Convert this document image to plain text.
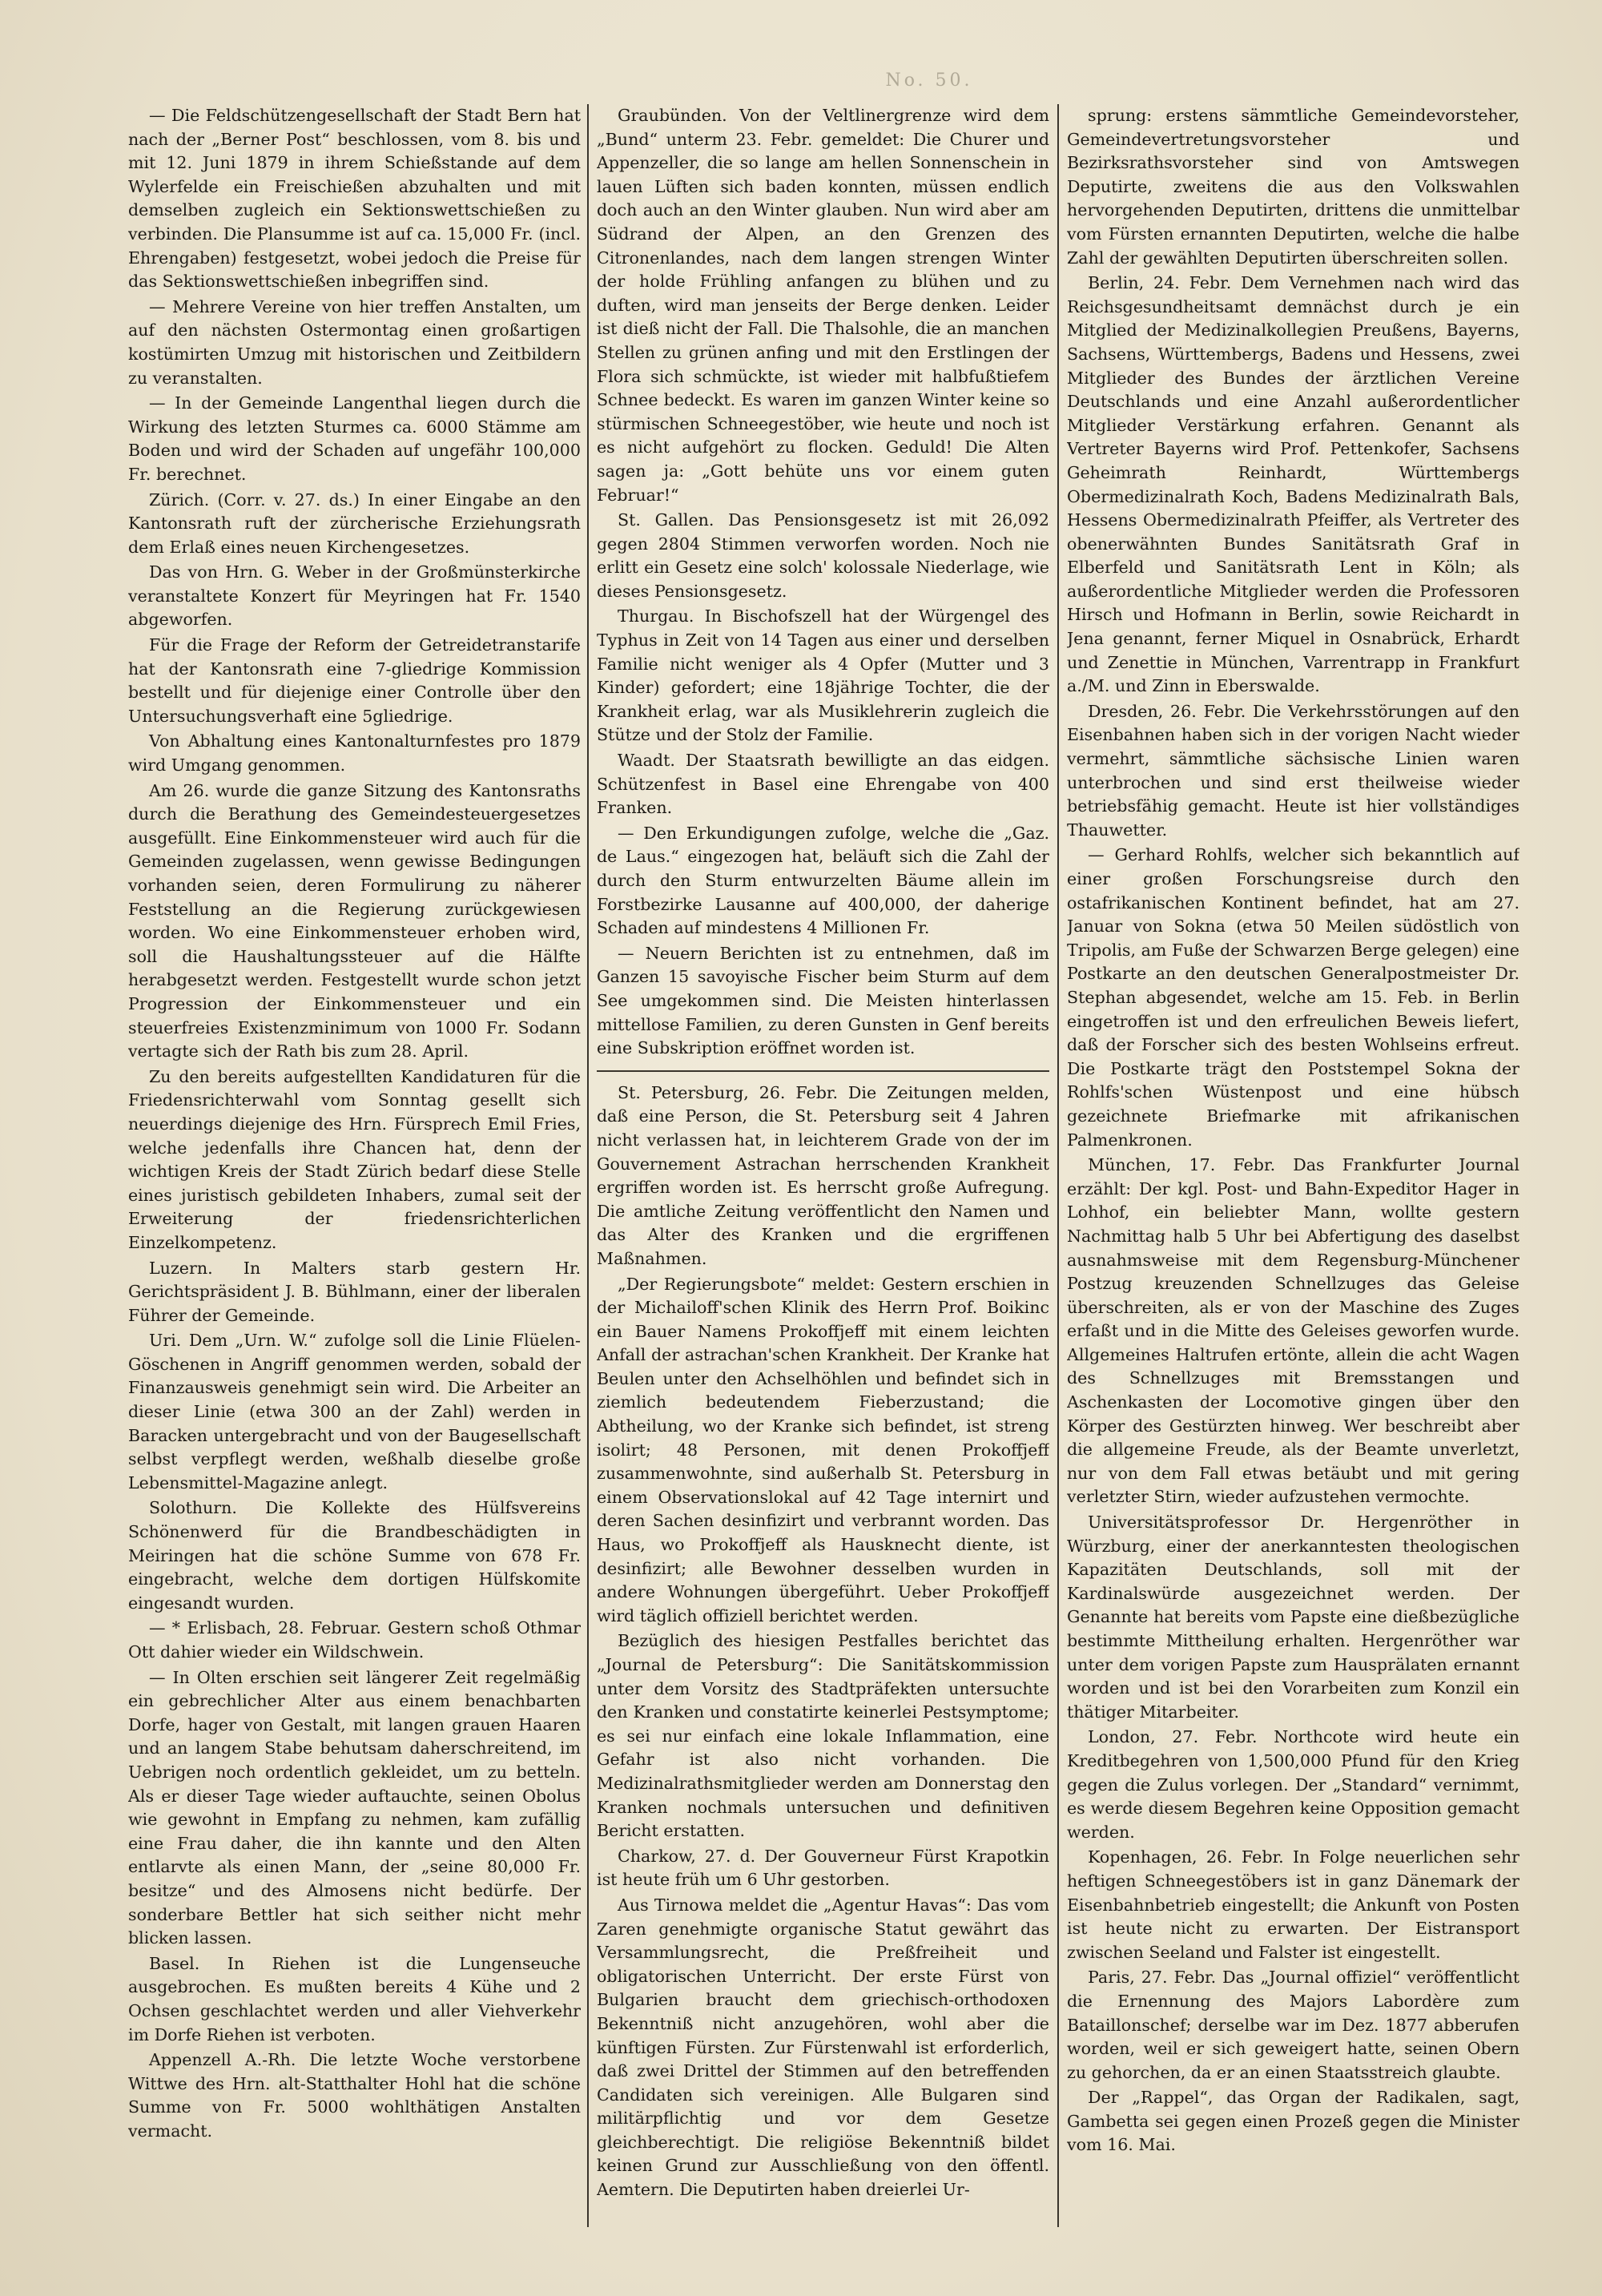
No. 50.

— Die Feldschützengesellschaft der Stadt Bern hat nach der „Berner Post“ beschlossen, vom 8. bis und mit 12. Juni 1879 in ihrem Schießstande auf dem Wylerfelde ein Freischießen abzuhalten und mit demselben zugleich ein Sektionswettschießen zu verbinden. Die Plansumme ist auf ca. 15,000 Fr. (incl. Ehrengaben) festgesetzt, wobei jedoch die Preise für das Sektionswettschießen inbegriffen sind.

— Mehrere Vereine von hier treffen Anstalten, um auf den nächsten Ostermontag einen großartigen kostümirten Umzug mit historischen und Zeitbildern zu veranstalten.

— In der Gemeinde Langenthal liegen durch die Wirkung des letzten Sturmes ca. 6000 Stämme am Boden und wird der Schaden auf ungefähr 100,000 Fr. berechnet.

Zürich. (Corr. v. 27. ds.) In einer Eingabe an den Kantonsrath ruft der zürcherische Erziehungsrath dem Erlaß eines neuen Kirchengesetzes.

Das von Hrn. G. Weber in der Großmünsterkirche veranstaltete Konzert für Meyringen hat Fr. 1540 abgeworfen.

Für die Frage der Reform der Getreidetranstarife hat der Kantonsrath eine 7-gliedrige Kommission bestellt und für diejenige einer Controlle über den Untersuchungsverhaft eine 5gliedrige.

Von Abhaltung eines Kantonalturnfestes pro 1879 wird Umgang genommen.

Am 26. wurde die ganze Sitzung des Kantonsraths durch die Berathung des Gemeindesteuergesetzes ausgefüllt. Eine Einkommensteuer wird auch für die Gemeinden zugelassen, wenn gewisse Bedingungen vorhanden seien, deren Formulirung zu näherer Feststellung an die Regierung zurückgewiesen worden. Wo eine Einkommensteuer erhoben wird, soll die Haushaltungssteuer auf die Hälfte herabgesetzt werden. Festgestellt wurde schon jetzt Progression der Einkommensteuer und ein steuerfreies Existenzminimum von 1000 Fr. Sodann vertagte sich der Rath bis zum 28. April.

Zu den bereits aufgestellten Kandidaturen für die Friedensrichterwahl vom Sonntag gesellt sich neuerdings diejenige des Hrn. Fürsprech Emil Fries, welche jedenfalls ihre Chancen hat, denn der wichtigen Kreis der Stadt Zürich bedarf diese Stelle eines juristisch gebildeten Inhabers, zumal seit der Erweiterung der friedensrichterlichen Einzelkompetenz.

Luzern. In Malters starb gestern Hr. Gerichtspräsident J. B. Bühlmann, einer der liberalen Führer der Gemeinde.

Uri. Dem „Urn. W.“ zufolge soll die Linie Flüelen-Göschenen in Angriff genommen werden, sobald der Finanzausweis genehmigt sein wird. Die Arbeiter an dieser Linie (etwa 300 an der Zahl) werden in Baracken untergebracht und von der Baugesellschaft selbst verpflegt werden, weßhalb dieselbe große Lebensmittel-Magazine anlegt.

Solothurn. Die Kollekte des Hülfsvereins Schönenwerd für die Brandbeschädigten in Meiringen hat die schöne Summe von 678 Fr. eingebracht, welche dem dortigen Hülfskomite eingesandt wurden.

— * Erlisbach, 28. Februar. Gestern schoß Othmar Ott dahier wieder ein Wildschwein.

— In Olten erschien seit längerer Zeit regelmäßig ein gebrechlicher Alter aus einem benachbarten Dorfe, hager von Gestalt, mit langen grauen Haaren und an langem Stabe behutsam daherschreitend, im Uebrigen noch ordentlich gekleidet, um zu betteln. Als er dieser Tage wieder auftauchte, seinen Obolus wie gewohnt in Empfang zu nehmen, kam zufällig eine Frau daher, die ihn kannte und den Alten entlarvte als einen Mann, der „seine 80,000 Fr. besitze“ und des Almosens nicht bedürfe. Der sonderbare Bettler hat sich seither nicht mehr blicken lassen.

Basel. In Riehen ist die Lungenseuche ausgebrochen. Es mußten bereits 4 Kühe und 2 Ochsen geschlachtet werden und aller Viehverkehr im Dorfe Riehen ist verboten.

Appenzell A.-Rh. Die letzte Woche verstorbene Wittwe des Hrn. alt-Statthalter Hohl hat die schöne Summe von Fr. 5000 wohlthätigen Anstalten vermacht.

Graubünden. Von der Veltlinergrenze wird dem „Bund“ unterm 23. Febr. gemeldet: Die Churer und Appenzeller, die so lange am hellen Sonnenschein in lauen Lüften sich baden konnten, müssen endlich doch auch an den Winter glauben. Nun wird aber am Südrand der Alpen, an den Grenzen des Citronenlandes, nach dem langen strengen Winter der holde Frühling anfangen zu blühen und zu duften, wird man jenseits der Berge denken. Leider ist dieß nicht der Fall. Die Thalsohle, die an manchen Stellen zu grünen anfing und mit den Erstlingen der Flora sich schmückte, ist wieder mit halbfußtiefem Schnee bedeckt. Es waren im ganzen Winter keine so stürmischen Schneegestöber, wie heute und noch ist es nicht aufgehört zu flocken. Geduld! Die Alten sagen ja: „Gott behüte uns vor einem guten Februar!“

St. Gallen. Das Pensionsgesetz ist mit 26,092 gegen 2804 Stimmen verworfen worden. Noch nie erlitt ein Gesetz eine solch' kolossale Niederlage, wie dieses Pensionsgesetz.

Thurgau. In Bischofszell hat der Würgengel des Typhus in Zeit von 14 Tagen aus einer und derselben Familie nicht weniger als 4 Opfer (Mutter und 3 Kinder) gefordert; eine 18jährige Tochter, die der Krankheit erlag, war als Musiklehrerin zugleich die Stütze und der Stolz der Familie.

Waadt. Der Staatsrath bewilligte an das eidgen. Schützenfest in Basel eine Ehrengabe von 400 Franken.

— Den Erkundigungen zufolge, welche die „Gaz. de Laus.“ eingezogen hat, beläuft sich die Zahl der durch den Sturm entwurzelten Bäume allein im Forstbezirke Lausanne auf 400,000, der daherige Schaden auf mindestens 4 Millionen Fr.

— Neuern Berichten ist zu entnehmen, daß im Ganzen 15 savoyische Fischer beim Sturm auf dem See umgekommen sind. Die Meisten hinterlassen mittellose Familien, zu deren Gunsten in Genf bereits eine Subskription eröffnet worden ist.

St. Petersburg, 26. Febr. Die Zeitungen melden, daß eine Person, die St. Petersburg seit 4 Jahren nicht verlassen hat, in leichterem Grade von der im Gouvernement Astrachan herrschenden Krankheit ergriffen worden ist. Es herrscht große Aufregung. Die amtliche Zeitung veröffentlicht den Namen und das Alter des Kranken und die ergriffenen Maßnahmen.

„Der Regierungsbote“ meldet: Gestern erschien in der Michailoff'schen Klinik des Herrn Prof. Boikinc ein Bauer Namens Prokoffjeff mit einem leichten Anfall der astrachan'schen Krankheit. Der Kranke hat Beulen unter den Achselhöhlen und befindet sich in ziemlich bedeutendem Fieberzustand; die Abtheilung, wo der Kranke sich befindet, ist streng isolirt; 48 Personen, mit denen Prokoffjeff zusammenwohnte, sind außerhalb St. Petersburg in einem Observationslokal auf 42 Tage internirt und deren Sachen desinfizirt und verbrannt worden. Das Haus, wo Prokoffjeff als Hausknecht diente, ist desinfizirt; alle Bewohner desselben wurden in andere Wohnungen übergeführt. Ueber Prokoffjeff wird täglich offiziell berichtet werden.

Bezüglich des hiesigen Pestfalles berichtet das „Journal de Petersburg“: Die Sanitätskommission unter dem Vorsitz des Stadtpräfekten untersuchte den Kranken und constatirte keinerlei Pestsymptome; es sei nur einfach eine lokale Inflammation, eine Gefahr ist also nicht vorhanden. Die Medizinalrathsmitglieder werden am Donnerstag den Kranken nochmals untersuchen und definitiven Bericht erstatten.

Charkow, 27. d. Der Gouverneur Fürst Krapotkin ist heute früh um 6 Uhr gestorben.

Aus Tirnowa meldet die „Agentur Havas“: Das vom Zaren genehmigte organische Statut gewährt das Versammlungsrecht, die Preßfreiheit und obligatorischen Unterricht. Der erste Fürst von Bulgarien braucht dem griechisch-orthodoxen Bekenntniß nicht anzugehören, wohl aber die künftigen Fürsten. Zur Fürstenwahl ist erforderlich, daß zwei Drittel der Stimmen auf den betreffenden Candidaten sich vereinigen. Alle Bulgaren sind militärpflichtig und vor dem Gesetze gleichberechtigt. Die religiöse Bekenntniß bildet keinen Grund zur Ausschließung von den öffentl. Aemtern. Die Deputirten haben dreierlei Ur-

sprung: erstens sämmtliche Gemeindevorsteher, Gemeindevertretungsvorsteher und Bezirksrathsvorsteher sind von Amtswegen Deputirte, zweitens die aus den Volkswahlen hervorgehenden Deputirten, drittens die unmittelbar vom Fürsten ernannten Deputirten, welche die halbe Zahl der gewählten Deputirten überschreiten sollen.

Berlin, 24. Febr. Dem Vernehmen nach wird das Reichsgesundheitsamt demnächst durch je ein Mitglied der Medizinalkollegien Preußens, Bayerns, Sachsens, Württembergs, Badens und Hessens, zwei Mitglieder des Bundes der ärztlichen Vereine Deutschlands und eine Anzahl außerordentlicher Mitglieder Verstärkung erfahren. Genannt als Vertreter Bayerns wird Prof. Pettenkofer, Sachsens Geheimrath Reinhardt, Württembergs Obermedizinalrath Koch, Badens Medizinalrath Bals, Hessens Obermedizinalrath Pfeiffer, als Vertreter des obenerwähnten Bundes Sanitätsrath Graf in Elberfeld und Sanitätsrath Lent in Köln; als außerordentliche Mitglieder werden die Professoren Hirsch und Hofmann in Berlin, sowie Reichardt in Jena genannt, ferner Miquel in Osnabrück, Erhardt und Zenettie in München, Varrentrapp in Frankfurt a./M. und Zinn in Eberswalde.

Dresden, 26. Febr. Die Verkehrsstörungen auf den Eisenbahnen haben sich in der vorigen Nacht wieder vermehrt, sämmtliche sächsische Linien waren unterbrochen und sind erst theilweise wieder betriebsfähig gemacht. Heute ist hier vollständiges Thauwetter.

— Gerhard Rohlfs, welcher sich bekanntlich auf einer großen Forschungsreise durch den ostafrikanischen Kontinent befindet, hat am 27. Januar von Sokna (etwa 50 Meilen südöstlich von Tripolis, am Fuße der Schwarzen Berge gelegen) eine Postkarte an den deutschen Generalpostmeister Dr. Stephan abgesendet, welche am 15. Feb. in Berlin eingetroffen ist und den erfreulichen Beweis liefert, daß der Forscher sich des besten Wohlseins erfreut. Die Postkarte trägt den Poststempel Sokna der Rohlfs'schen Wüstenpost und eine hübsch gezeichnete Briefmarke mit afrikanischen Palmenkronen.

München, 17. Febr. Das Frankfurter Journal erzählt: Der kgl. Post- und Bahn-Expeditor Hager in Lohhof, ein beliebter Mann, wollte gestern Nachmittag halb 5 Uhr bei Abfertigung des daselbst ausnahmsweise mit dem Regensburg-Münchener Postzug kreuzenden Schnellzuges das Geleise überschreiten, als er von der Maschine des Zuges erfaßt und in die Mitte des Geleises geworfen wurde. Allgemeines Haltrufen ertönte, allein die acht Wagen des Schnellzuges mit Bremsstangen und Aschenkasten der Locomotive gingen über den Körper des Gestürzten hinweg. Wer beschreibt aber die allgemeine Freude, als der Beamte unverletzt, nur von dem Fall etwas betäubt und mit gering verletzter Stirn, wieder aufzustehen vermochte.

Universitätsprofessor Dr. Hergenröther in Würzburg, einer der anerkanntesten theologischen Kapazitäten Deutschlands, soll mit der Kardinalswürde ausgezeichnet werden. Der Genannte hat bereits vom Papste eine dießbezügliche bestimmte Mittheilung erhalten. Hergenröther war unter dem vorigen Papste zum Hausprälaten ernannt worden und ist bei den Vorarbeiten zum Konzil ein thätiger Mitarbeiter.

London, 27. Febr. Northcote wird heute ein Kreditbegehren von 1,500,000 Pfund für den Krieg gegen die Zulus vorlegen. Der „Standard“ vernimmt, es werde diesem Begehren keine Opposition gemacht werden.

Kopenhagen, 26. Febr. In Folge neuerlichen sehr heftigen Schneegestöbers ist in ganz Dänemark der Eisenbahnbetrieb eingestellt; die Ankunft von Posten ist heute nicht zu erwarten. Der Eistransport zwischen Seeland und Falster ist eingestellt.

Paris, 27. Febr. Das „Journal offiziel“ veröffentlicht die Ernennung des Majors Labordère zum Bataillonschef; derselbe war im Dez. 1877 abberufen worden, weil er sich geweigert hatte, seinen Obern zu gehorchen, da er an einen Staatsstreich glaubte.

Der „Rappel“, das Organ der Radikalen, sagt, Gambetta sei gegen einen Prozeß gegen die Minister vom 16. Mai.
